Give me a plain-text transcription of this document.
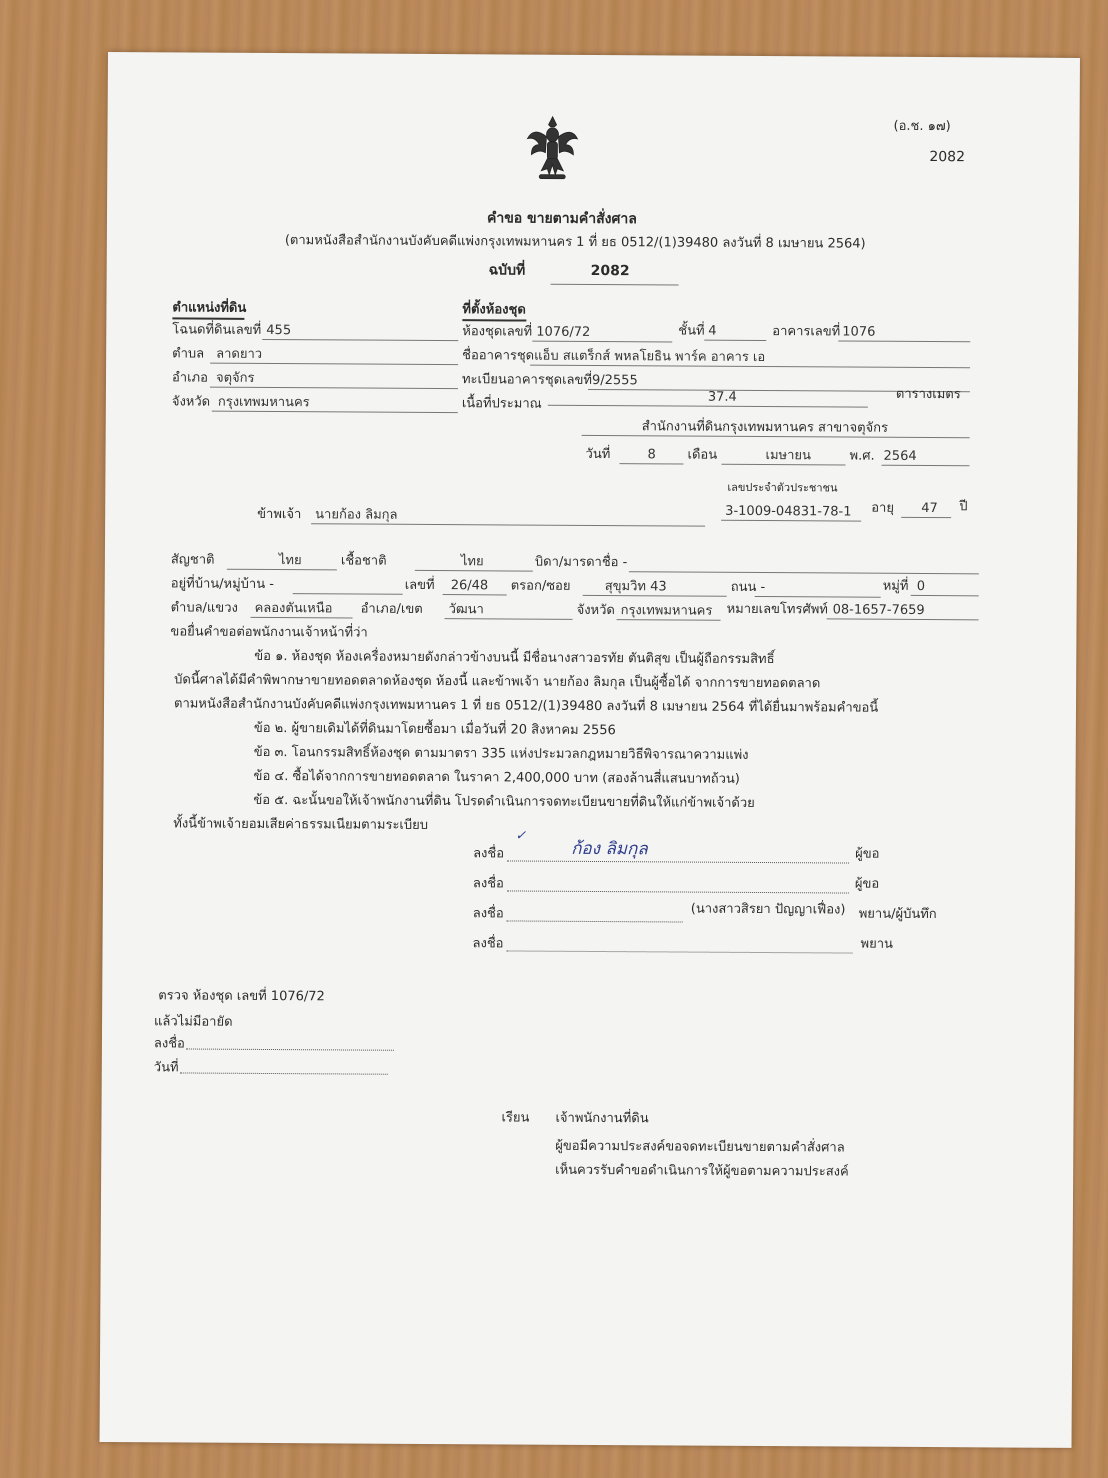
(อ.ช. ๑๗)
2082
คำขอ ขายตามคำสั่งศาล
(ตามหนังสือสำนักงานบังคับคดีแพ่งกรุงเทพมหานคร 1 ที่ ยธ 0512/(1)39480 ลงวันที่ 8 เมษายน 2564)
ฉบับที่	2082
ตำแหน่งที่ดิน
โฉนดที่ดินเลขที่ 455
ตำบล ลาดยาว
อำเภอ จตุจักร
จังหวัด กรุงเทพมหานคร
ที่ตั้งห้องชุด
ห้องชุดเลขที่ 1076/72	ชั้นที่ 4	อาคารเลขที่ 1076
ชื่ออาคารชุด แอ็บ สแตร็กส์ พหลโยธิน พาร์ค อาคาร เอ
ทะเบียนอาคารชุดเลขที่ 9/2555
เนื้อที่ประมาณ	37.4	ตารางเมตร
สำนักงานที่ดินกรุงเทพมหานคร สาขาจตุจักร
วันที่	8 เดือน	เมษายน	พ.ศ. 2564
เลขประจำตัวประชาชน
ข้าพเจ้า นายก้อง ลิมกุล	3-1009-04831-78-1 อายุ 47 ปี
สัญชาติ	ไทย	เชื้อชาติ	ไทย	บิดา/มารดาชื่อ -
อยู่ที่บ้าน/หมู่บ้าน -	เลขที่ 26/48 ตรอก/ซอย	สุขุมวิท 43	ถนน -	หมู่ที่ 0
ตำบล/แขวง คลองตันเหนือ อำเภอ/เขต วัฒนา	จังหวัด กรุงเทพมหานคร หมายเลขโทรศัพท์ 08-1657-7659
ขอยื่นคำขอต่อพนักงานเจ้าหน้าที่ว่า
ข้อ ๑. ห้องชุด ห้องเครื่องหมายดังกล่าวข้างบนนี้ มีชื่อนางสาวอรทัย ตันติสุข เป็นผู้ถือกรรมสิทธิ์
บัดนี้ศาลได้มีคำพิพากษาขายทอดตลาดห้องชุด ห้องนี้ และข้าพเจ้า นายก้อง ลิมกุล เป็นผู้ซื้อได้ จากการขายทอดตลาด
ตามหนังสือสำนักงานบังคับคดีแพ่งกรุงเทพมหานคร 1 ที่ ยธ 0512/(1)39480 ลงวันที่ 8 เมษายน 2564 ที่ได้ยื่นมาพร้อมคำขอนี้
ข้อ ๒. ผู้ขายเดิมได้ที่ดินมาโดยซื้อมา เมื่อวันที่ 20 สิงหาคม 2556
ข้อ ๓. โอนกรรมสิทธิ์ห้องชุด ตามมาตรา 335 แห่งประมวลกฎหมายวิธีพิจารณาความแพ่ง
ข้อ ๔. ซื้อได้จากการขายทอดตลาด ในราคา 2,400,000 บาท (สองล้านสี่แสนบาทถ้วน)
ข้อ ๕. ฉะนั้นขอให้เจ้าพนักงานที่ดิน โปรดดำเนินการจดทะเบียนขายที่ดินให้แก่ข้าพเจ้าด้วย
ทั้งนี้ข้าพเจ้ายอมเสียค่าธรรมเนียมตามระเบียบ
ลงชื่อ
✓
ก้อง ลิมกุล	ผู้ขอ
ลงชื่อ	ผู้ขอ
ลงชื่อ	(นางสาวสิรยา ปัญญาเฟื่อง) พยาน/ผู้บันทึก
ลงชื่อ	พยาน
ตรวจ ห้องชุด เลขที่ 1076/72
แล้วไม่มีอายัด
ลงชื่อ
วันที่
เรียน เจ้าพนักงานที่ดิน
ผู้ขอมีความประสงค์ขอจดทะเบียนขายตามคำสั่งศาล
เห็นควรรับคำขอดำเนินการให้ผู้ขอตามความประสงค์
